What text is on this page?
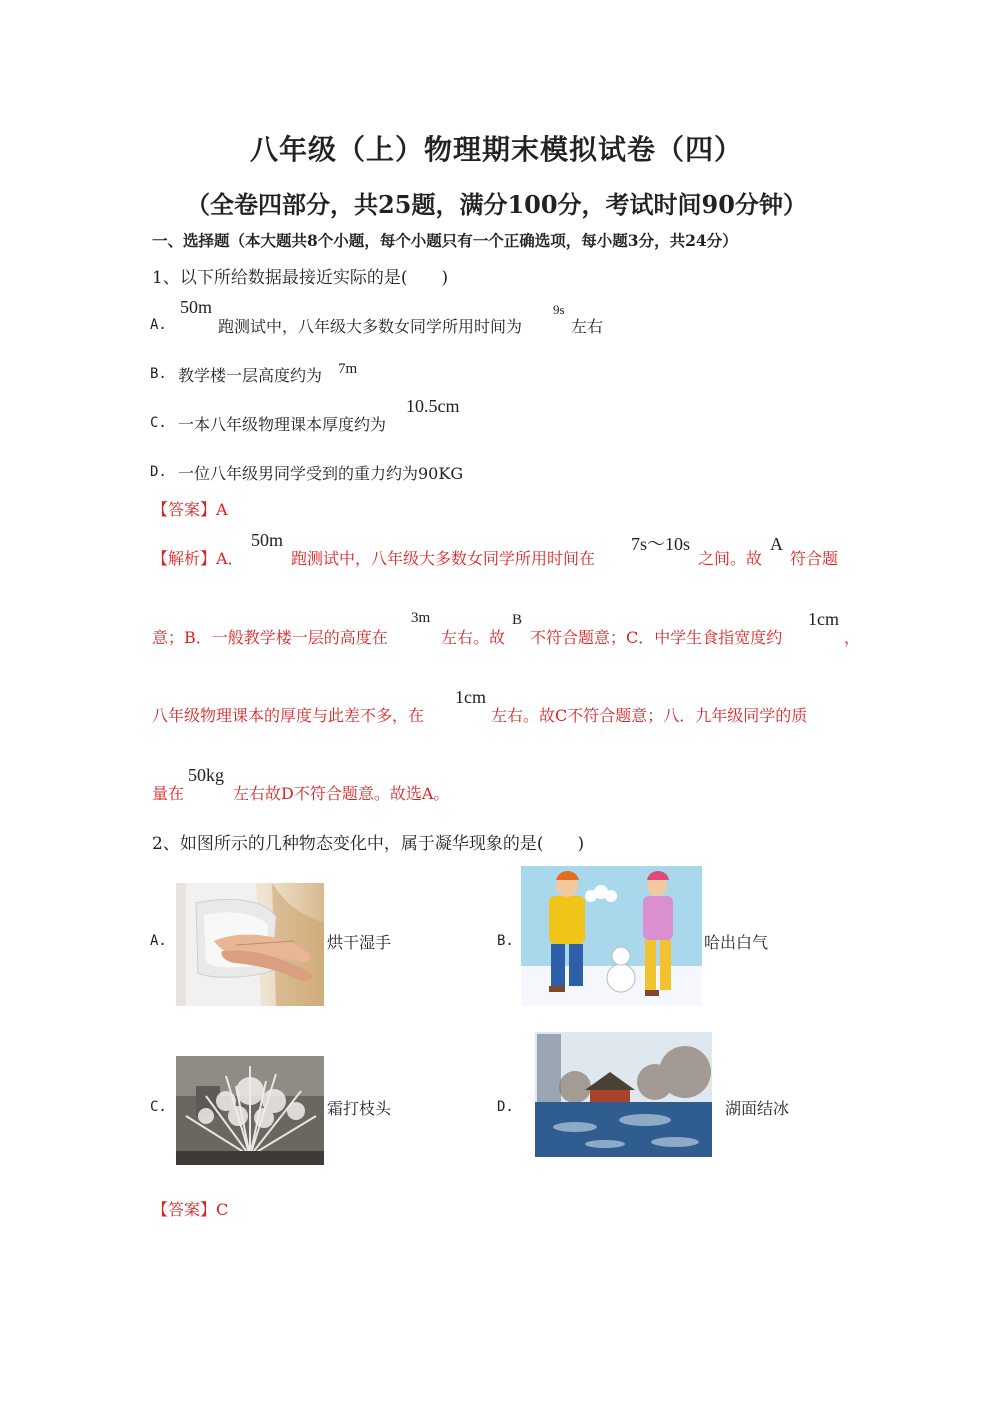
八年级（上）物理期末模拟试卷（四）
（全卷四部分，共25题，满分100分，考试时间90分钟）
一、选择题（本大题共8个小题，每个小题只有一个正确选项，每小题3分，共24分）
1、以下所给数据最接近实际的是(　　)
A.
50m
跑测试中，八年级大多数女同学所用时间为
9s
左右
B. 教学楼一层高度约为 7m
C. 一本八年级物理课本厚度约为
10.5cm
D. 一位八年级男同学受到的重力约为90KG
【答案】A
【解析】A．
50m
跑测试中，八年级大多数女同学所用时间在
7s～10s
之间。故
A
符合题
意；B．一般教学楼一层的高度在
3m
左右。故
B
不符合题意；C．中学生食指宽度约
1cm
，
八年级物理课本的厚度与此差不多，在
1cm
左右。故C不符合题意；八．九年级同学的质
量在
50kg
左右故D不符合题意。故选A。
2、如图所示的几种物态变化中，属于凝华现象的是(　　)
A.	烘干湿手	B.	哈出白气
C.	霜打枝头	D.	湖面结冰
【答案】C
